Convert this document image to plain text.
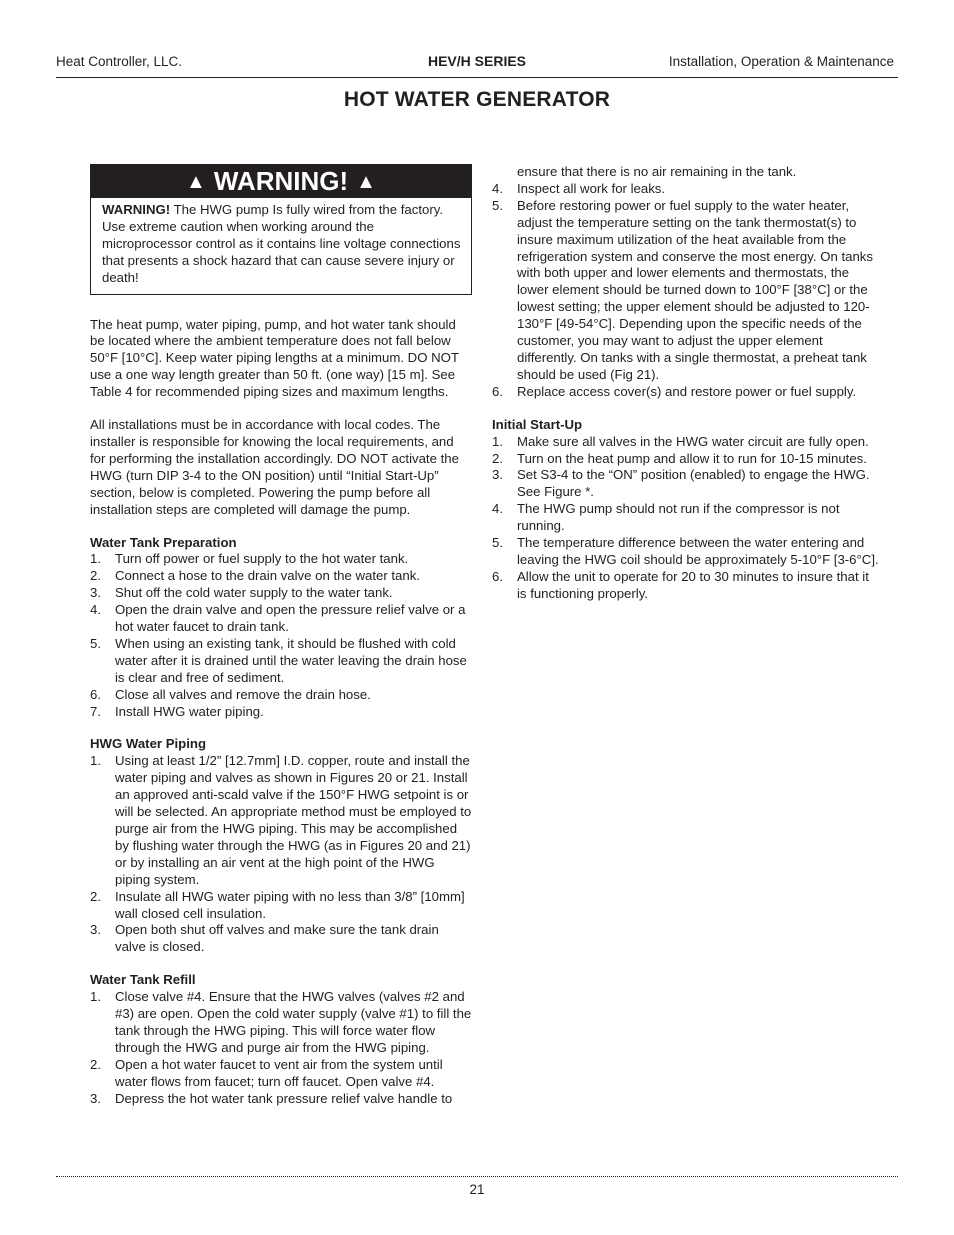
Heat Controller, LLC.	HEV/H SERIES	Installation, Operation & Maintenance
HOT WATER GENERATOR
▲ WARNING! ▲
WARNING! The HWG pump Is fully wired from the factory. Use extreme caution when working around the microprocessor control as it contains line voltage connections that presents a shock hazard that can cause severe injury or death!

The heat pump, water piping, pump, and hot water tank should be located where the ambient temperature does not fall below 50°F [10°C]. Keep water piping lengths at a minimum. DO NOT use a one way length greater than 50 ft. (one way) [15 m]. See Table 4 for recommended piping sizes and maximum lengths.

All installations must be in accordance with local codes. The installer is responsible for knowing the local requirements, and for performing the installation accordingly. DO NOT activate the HWG (turn DIP 3-4 to the ON position) until “Initial Start-Up” section, below is completed. Powering the pump before all installation steps are completed will damage the pump.

Water Tank Preparation
1. Turn off power or fuel supply to the hot water tank.
2. Connect a hose to the drain valve on the water tank.
3. Shut off the cold water supply to the water tank.
4. Open the drain valve and open the pressure relief valve or a hot water faucet to drain tank.
5. When using an existing tank, it should be flushed with cold water after it is drained until the water leaving the drain hose is clear and free of sediment.
6. Close all valves and remove the drain hose.
7. Install HWG water piping.
HWG Water Piping
1. Using at least 1/2” [12.7mm] I.D. copper, route and install the water piping and valves as shown in Figures 20 or 21. Install an approved anti-scald valve if the 150°F HWG setpoint is or will be selected. An appropriate method must be employed to purge air from the HWG piping. This may be accomplished by flushing water through the HWG (as in Figures 20 and 21) or by installing an air vent at the high point of the HWG piping system.
2. Insulate all HWG water piping with no less than 3/8” [10mm] wall closed cell insulation.
3. Open both shut off valves and make sure the tank drain valve is closed.
Water Tank Refill
1. Close valve #4. Ensure that the HWG valves (valves #2 and #3) are open. Open the cold water supply (valve #1) to fill the tank through the HWG piping. This will force water flow through the HWG and purge air from the HWG piping.
2. Open a hot water faucet to vent air from the system until water flows from faucet; turn off faucet. Open valve #4.
3. Depress the hot water tank pressure relief valve handle to
ensure that there is no air remaining in the tank.
4. Inspect all work for leaks.
5. Before restoring power or fuel supply to the water heater, adjust the temperature setting on the tank thermostat(s) to insure maximum utilization of the heat available from the refrigeration system and conserve the most energy. On tanks with both upper and lower elements and thermostats, the lower element should be turned down to 100°F [38°C] or the lowest setting; the upper element should be adjusted to 120-130°F [49-54°C]. Depending upon the specific needs of the customer, you may want to adjust the upper element differently. On tanks with a single thermostat, a preheat tank should be used (Fig 21).
6. Replace access cover(s) and restore power or fuel supply.
Initial Start-Up
1. Make sure all valves in the HWG water circuit are fully open.
2. Turn on the heat pump and allow it to run for 10-15 minutes.
3. Set S3-4 to the “ON” position (enabled) to engage the HWG. See Figure *.
4. The HWG pump should not run if the compressor is not running.
5. The temperature difference between the water entering and leaving the HWG coil should be approximately 5-10°F [3-6°C].
6. Allow the unit to operate for 20 to 30 minutes to insure that it is functioning properly.
21
